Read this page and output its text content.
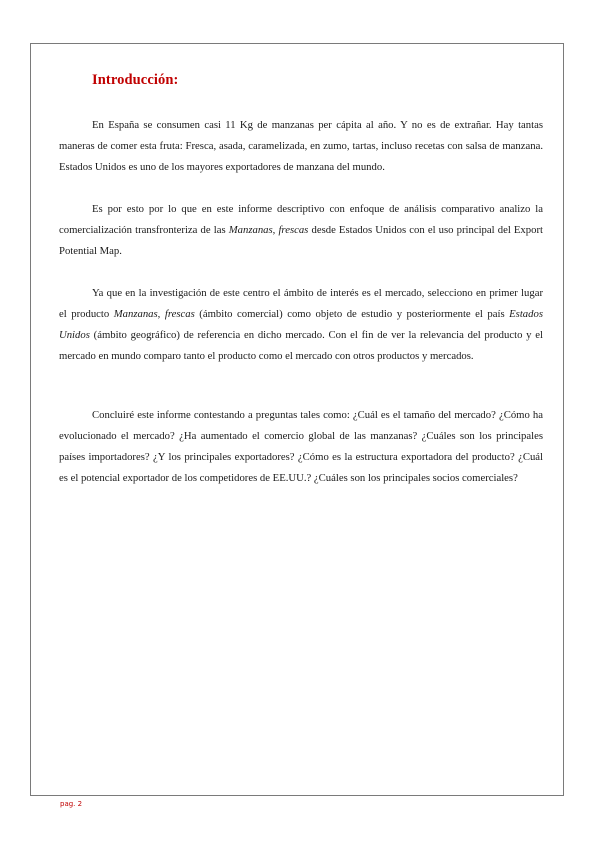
Introducción:

En España se consumen casi 11 Kg de manzanas per cápita al año. Y no es de extrañar. Hay tantas maneras de comer esta fruta: Fresca, asada, caramelizada, en zumo, tartas, incluso recetas con salsa de manzana. Estados Unidos es uno de los mayores exportadores de manzana del mundo.

Es por esto por lo que en este informe descriptivo con enfoque de análisis comparativo analizo la comercialización transfronteriza de las Manzanas, frescas desde Estados Unidos con el uso principal del Export Potential Map.

Ya que en la investigación de este centro el ámbito de interés es el mercado, selecciono en primer lugar el producto Manzanas, frescas (ámbito comercial) como objeto de estudio y posteriormente el país Estados Unidos (ámbito geográfico) de referencia en dicho mercado. Con el fin de ver la relevancia del producto y el mercado en mundo comparo tanto el producto como el mercado con otros productos y mercados.

Concluiré este informe contestando a preguntas tales como: ¿Cuál es el tamaño del mercado? ¿Cómo ha evolucionado el mercado? ¿Ha aumentado el comercio global de las manzanas? ¿Cuáles son los principales países importadores? ¿Y los principales exportadores? ¿Cómo es la estructura exportadora del producto? ¿Cuál es el potencial exportador de los competidores de EE.UU.? ¿Cuáles son los principales socios comerciales?

pag. 2
